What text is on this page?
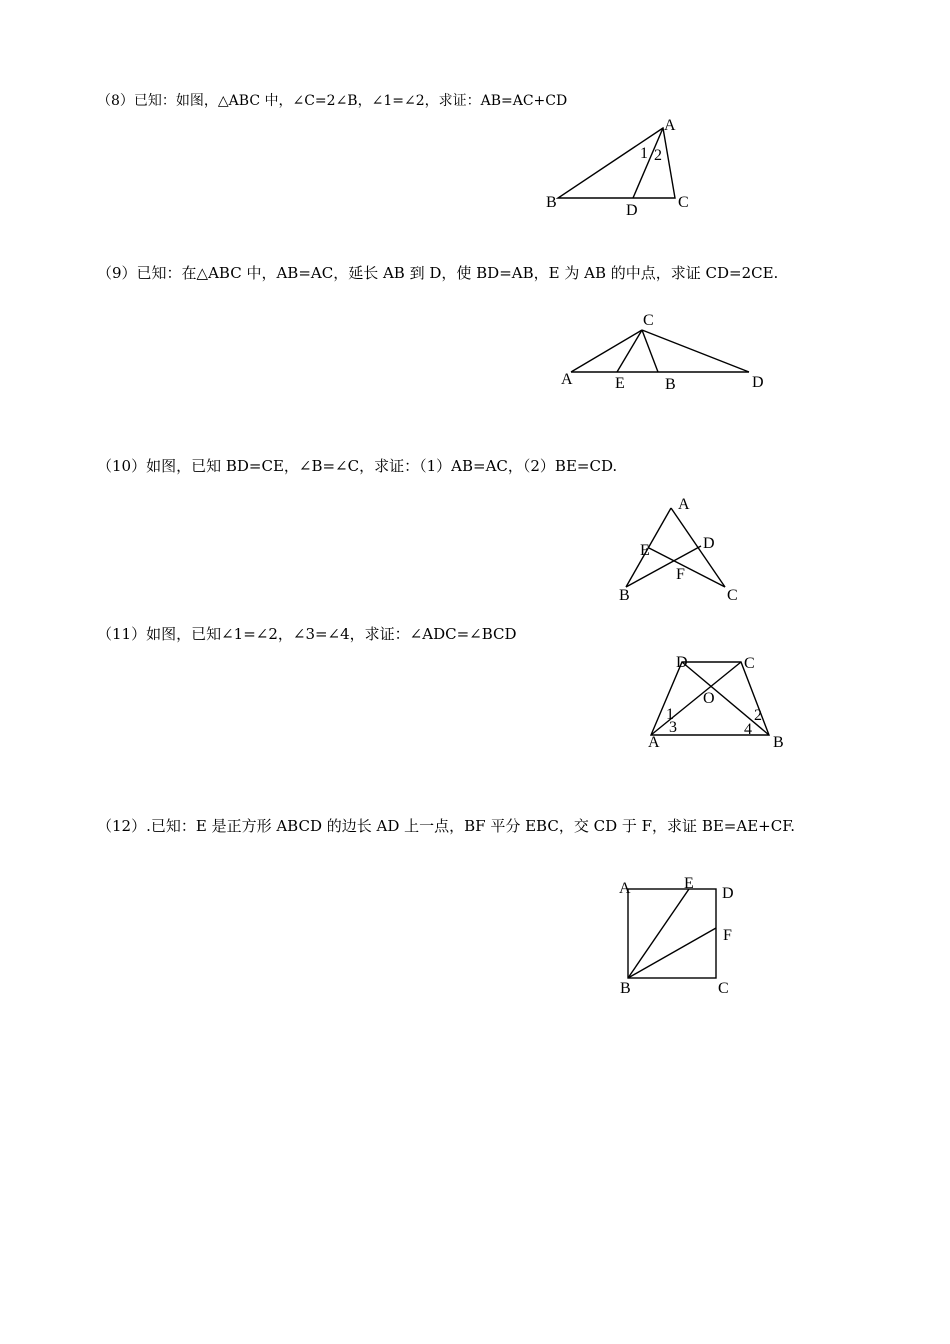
（8）已知：如图，△ABC 中，∠C=2∠B，∠1=∠2，求证：AB=AC+CD
（9）已知：在△ABC 中，AB=AC，延长 AB 到 D，使 BD=AB，E 为 AB 的中点，求证 CD=2CE.
（10）如图，已知 BD=CE，∠B=∠C，求证：（1）AB=AC，（2）BE=CD.
（11）如图，已知∠1=∠2，∠3=∠4，求证：∠ADC=∠BCD
（12）.已知：E 是正方形 ABCD 的边长 AD 上一点，BF 平分 EBC，交 CD 于 F，求证 BE=AE+CF.
A
B	C
D
1 2
C
A	E	B	D
A
D
E
F
B	C
D	C
O
1
3
2
4
A	B
A	E
D
F
B	C
